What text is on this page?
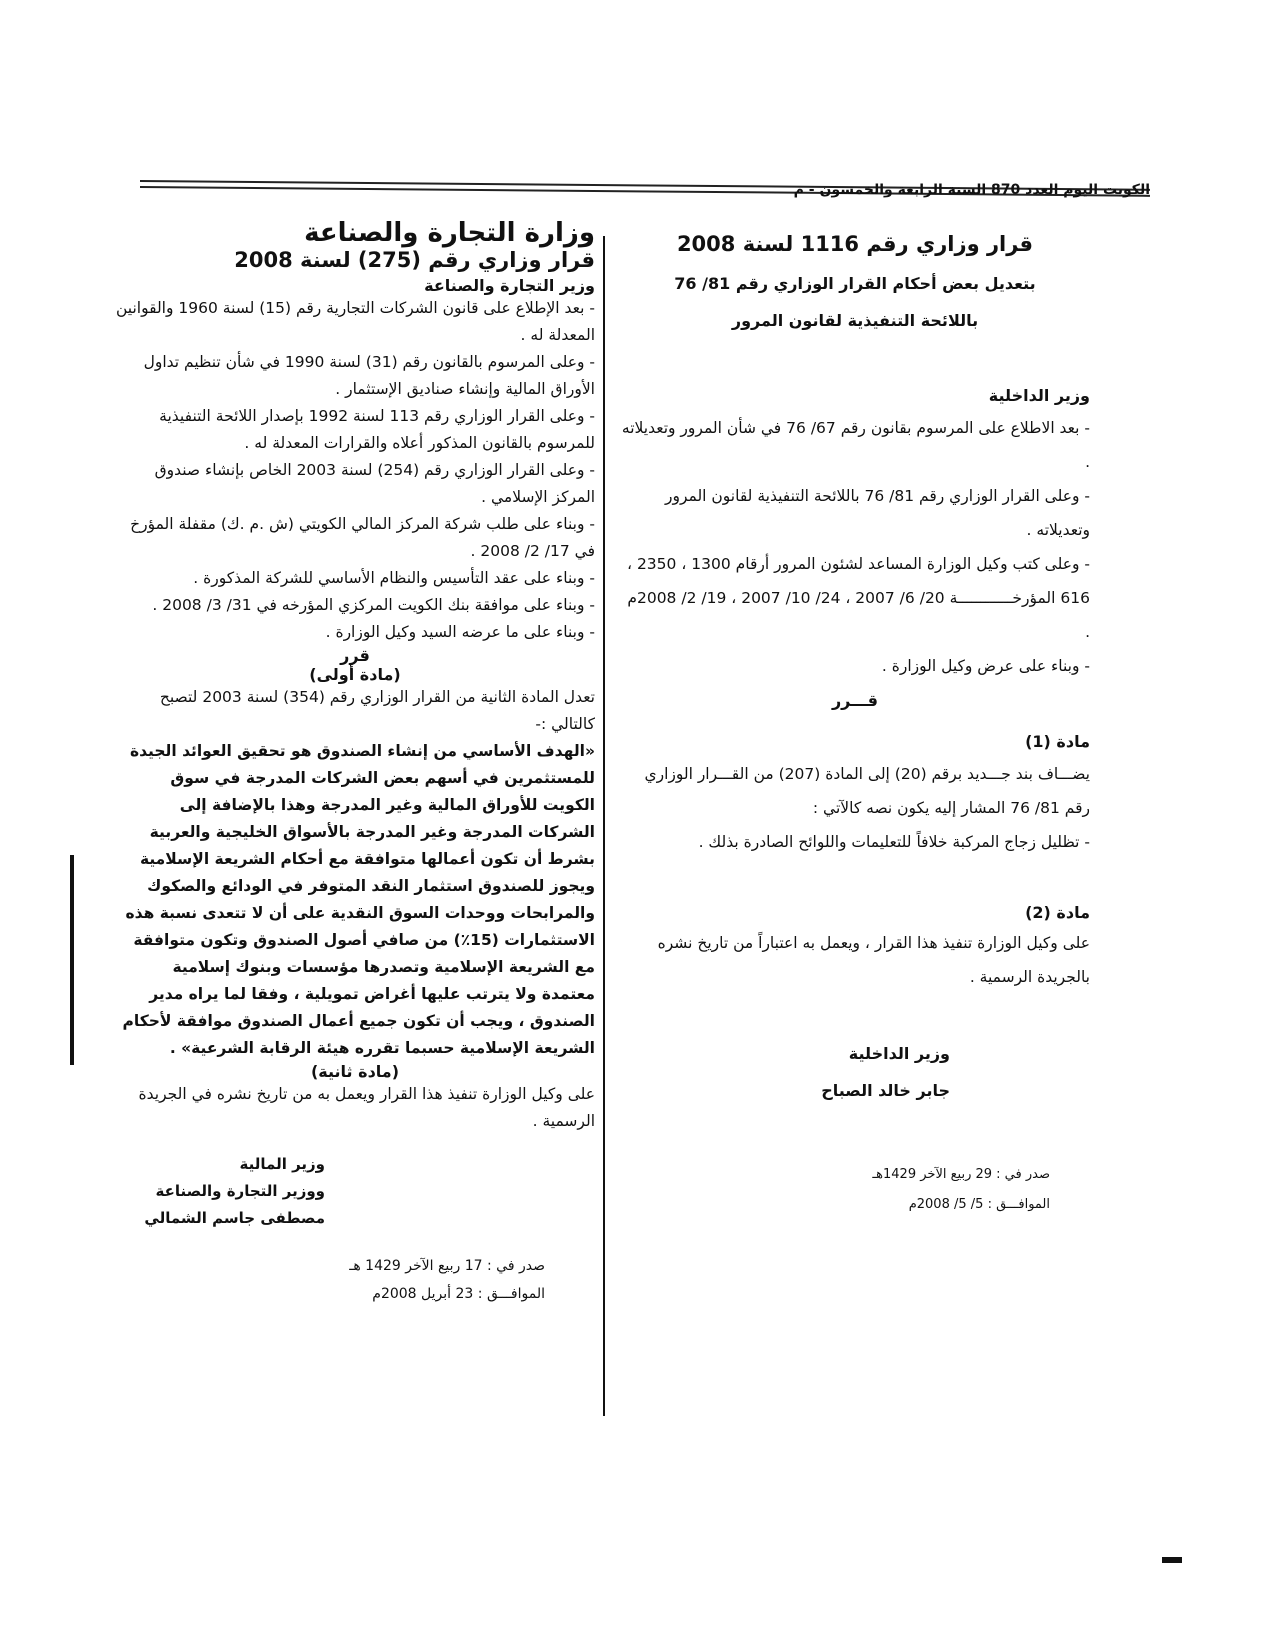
الكويت اليوم العدد 870 السنة الرابعة والخمسون - م
قرار وزاري رقم 1116 لسنة 2008
بتعديل بعض أحكام القرار الوزاري رقم 81/ 76
باللائحة التنفيذية لقانون المرور
وزير الداخلية

- بعد الاطلاع على المرسوم بقانون رقم 67/ 76 في شأن المرور وتعديلاته .

- وعلى القرار الوزاري رقم 81/ 76 باللائحة التنفيذية لقانون المرور وتعديلاته .

- وعلى كتب وكيل الوزارة المساعد لشئون المرور أرقام 1300 ، 2350 ، 616 المؤرخــــــــــــة 20/ 6/ 2007 ، 24/ 10/ 2007 ، 19/ 2/ 2008م .

- وبناء على عرض وكيل الوزارة .

قـــرر
مادة (1)

يضـــاف بند جـــديد برقم (20) إلى المادة (207) من القـــرار الوزاري رقم 81/ 76 المشار إليه يكون نصه كالآتي :

- تظليل زجاج المركبة خلافاً للتعليمات واللوائح الصادرة بذلك .

مادة (2)

على وكيل الوزارة تنفيذ هذا القرار ، ويعمل به اعتباراً من تاريخ نشره بالجريدة الرسمية .

وزير الداخلية
جابر خالد الصباح
صدر في : 29 ربيع الآخر 1429هـ
الموافـــق : 5/ 5/ 2008م
وزارة التجارة والصناعة
قرار وزاري رقم (275) لسنة 2008
وزير التجارة والصناعة

- بعد الإطلاع على قانون الشركات التجارية رقم (15) لسنة 1960 والقوانين المعدلة له .

- وعلى المرسوم بالقانون رقم (31) لسنة 1990 في شأن تنظيم تداول الأوراق المالية وإنشاء صناديق الإستثمار .

- وعلى القرار الوزاري رقم 113 لسنة 1992 بإصدار اللائحة التنفيذية للمرسوم بالقانون المذكور أعلاه والقرارات المعدلة له .

- وعلى القرار الوزاري رقم (254) لسنة 2003 الخاص بإنشاء صندوق المركز الإسلامي .

- وبناء على طلب شركة المركز المالي الكويتي (ش .م .ك) مقفلة المؤرخ في 17/ 2/ 2008 .

- وبناء على عقد التأسيس والنظام الأساسي للشركة المذكورة .

- وبناء على موافقة بنك الكويت المركزي المؤرخه في 31/ 3/ 2008 .

- وبناء على ما عرضه السيد وكيل الوزارة .

قرر
(مادة أولى)

تعدل المادة الثانية من القرار الوزاري رقم (354) لسنة 2003 لتصبح كالتالي :-

«الهدف الأساسي من إنشاء الصندوق هو تحقيق العوائد الجيدة للمستثمرين في أسهم بعض الشركات المدرجة في سوق الكويت للأوراق المالية وغير المدرجة وهذا بالإضافة إلى الشركات المدرجة وغير المدرجة بالأسواق الخليجية والعربية بشرط أن تكون أعمالها متوافقة مع أحكام الشريعة الإسلامية ويجوز للصندوق استثمار النقد المتوفر في الودائع والصكوك والمرابحات ووحدات السوق النقدية على أن لا تتعدى نسبة هذه الاستثمارات (15٪) من صافي أصول الصندوق وتكون متوافقة مع الشريعة الإسلامية وتصدرها مؤسسات وبنوك إسلامية معتمدة ولا يترتب عليها أغراض تمويلية ، وفقا لما يراه مدير الصندوق ، ويجب أن تكون جميع أعمال الصندوق موافقة لأحكام الشريعة الإسلامية حسبما تقرره هيئة الرقابة الشرعية» .

(مادة ثانية)

على وكيل الوزارة تنفيذ هذا القرار ويعمل به من تاريخ نشره في الجريدة الرسمية .

وزير المالية
ووزير التجارة والصناعة
مصطفى جاسم الشمالي
صدر في : 17 ربيع الآخر 1429 هـ
الموافـــق : 23 أبريل 2008م
